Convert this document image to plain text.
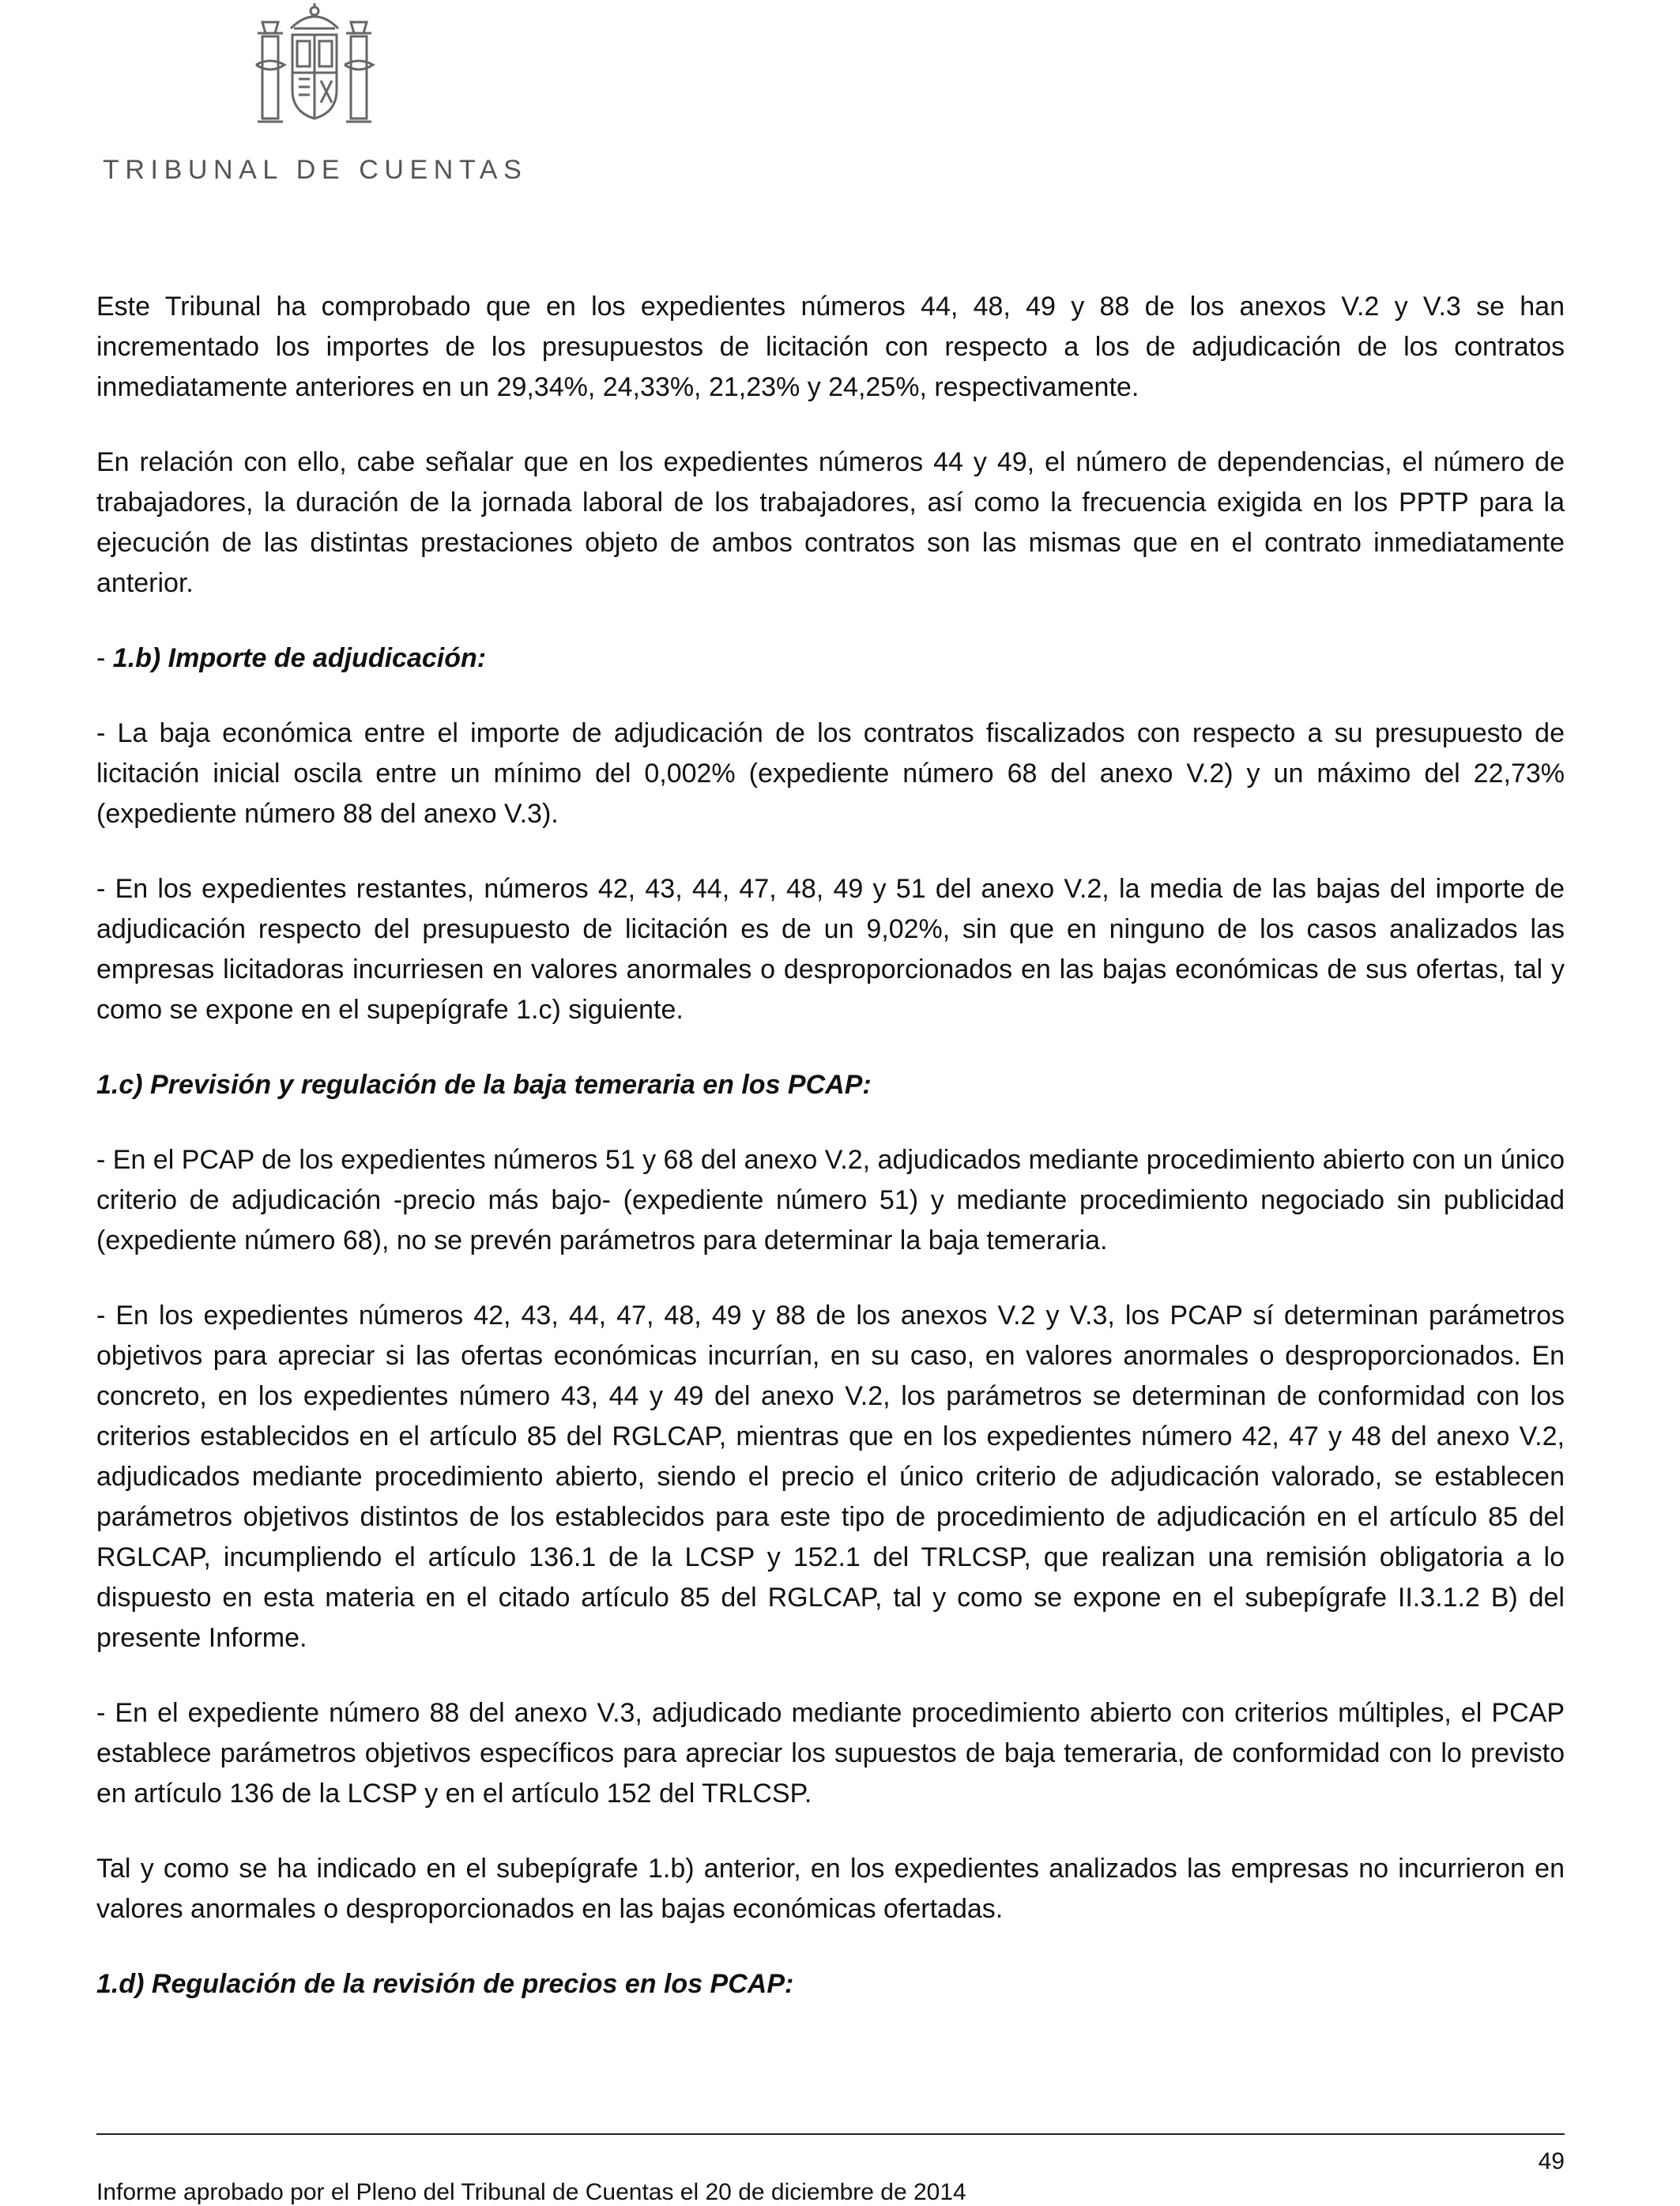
TRIBUNAL DE CUENTAS

Este Tribunal ha comprobado que en los expedientes números 44, 48, 49 y 88 de los anexos V.2 y V.3 se han incrementado los importes de los presupuestos de licitación con respecto a los de adjudicación de los contratos inmediatamente anteriores en un 29,34%, 24,33%, 21,23% y 24,25%, respectivamente.

En relación con ello, cabe señalar que en los expedientes números 44 y 49, el número de dependencias, el número de trabajadores, la duración de la jornada laboral de los trabajadores, así como la frecuencia exigida en los PPTP para la ejecución de las distintas prestaciones objeto de ambos contratos son las mismas que en el contrato inmediatamente anterior.

- 1.b) Importe de adjudicación:

- La baja económica entre el importe de adjudicación de los contratos fiscalizados con respecto a su presupuesto de licitación inicial oscila entre un mínimo del 0,002% (expediente número 68 del anexo V.2) y un máximo del 22,73% (expediente número 88 del anexo V.3).

- En los expedientes restantes, números 42, 43, 44, 47, 48, 49 y 51 del anexo V.2, la media de las bajas del importe de adjudicación respecto del presupuesto de licitación es de un 9,02%, sin que en ninguno de los casos analizados las empresas licitadoras incurriesen en valores anormales o desproporcionados en las bajas económicas de sus ofertas, tal y como se expone en el supepígrafe 1.c) siguiente.

1.c) Previsión y regulación de la baja temeraria en los PCAP:

- En el PCAP de los expedientes números 51 y 68 del anexo V.2, adjudicados mediante procedimiento abierto con un único criterio de adjudicación -precio más bajo- (expediente número 51) y mediante procedimiento negociado sin publicidad (expediente número 68), no se prevén parámetros para determinar la baja temeraria.

- En los expedientes números 42, 43, 44, 47, 48, 49 y 88 de los anexos V.2 y V.3, los PCAP sí determinan parámetros objetivos para apreciar si las ofertas económicas incurrían, en su caso, en valores anormales o desproporcionados. En concreto, en los expedientes número 43, 44 y 49 del anexo V.2, los parámetros se determinan de conformidad con los criterios establecidos en el artículo 85 del RGLCAP, mientras que en los expedientes número 42, 47 y 48 del anexo V.2, adjudicados mediante procedimiento abierto, siendo el precio el único criterio de adjudicación valorado, se establecen parámetros objetivos distintos de los establecidos para este tipo de procedimiento de adjudicación en el artículo 85 del RGLCAP, incumpliendo el artículo 136.1 de la LCSP y 152.1 del TRLCSP, que realizan una remisión obligatoria a lo dispuesto en esta materia en el citado artículo 85 del RGLCAP, tal y como se expone en el subepígrafe II.3.1.2 B) del presente Informe.

- En el expediente número 88 del anexo V.3, adjudicado mediante procedimiento abierto con criterios múltiples, el PCAP establece parámetros objetivos específicos para apreciar los supuestos de baja temeraria, de conformidad con lo previsto en artículo 136 de la LCSP y en el artículo 152 del TRLCSP.

Tal y como se ha indicado en el subepígrafe 1.b) anterior, en los expedientes analizados las empresas no incurrieron en valores anormales o desproporcionados en las bajas económicas ofertadas.

1.d) Regulación de la revisión de precios en los PCAP:

49
Informe aprobado por el Pleno del Tribunal de Cuentas el 20 de diciembre de 2014
